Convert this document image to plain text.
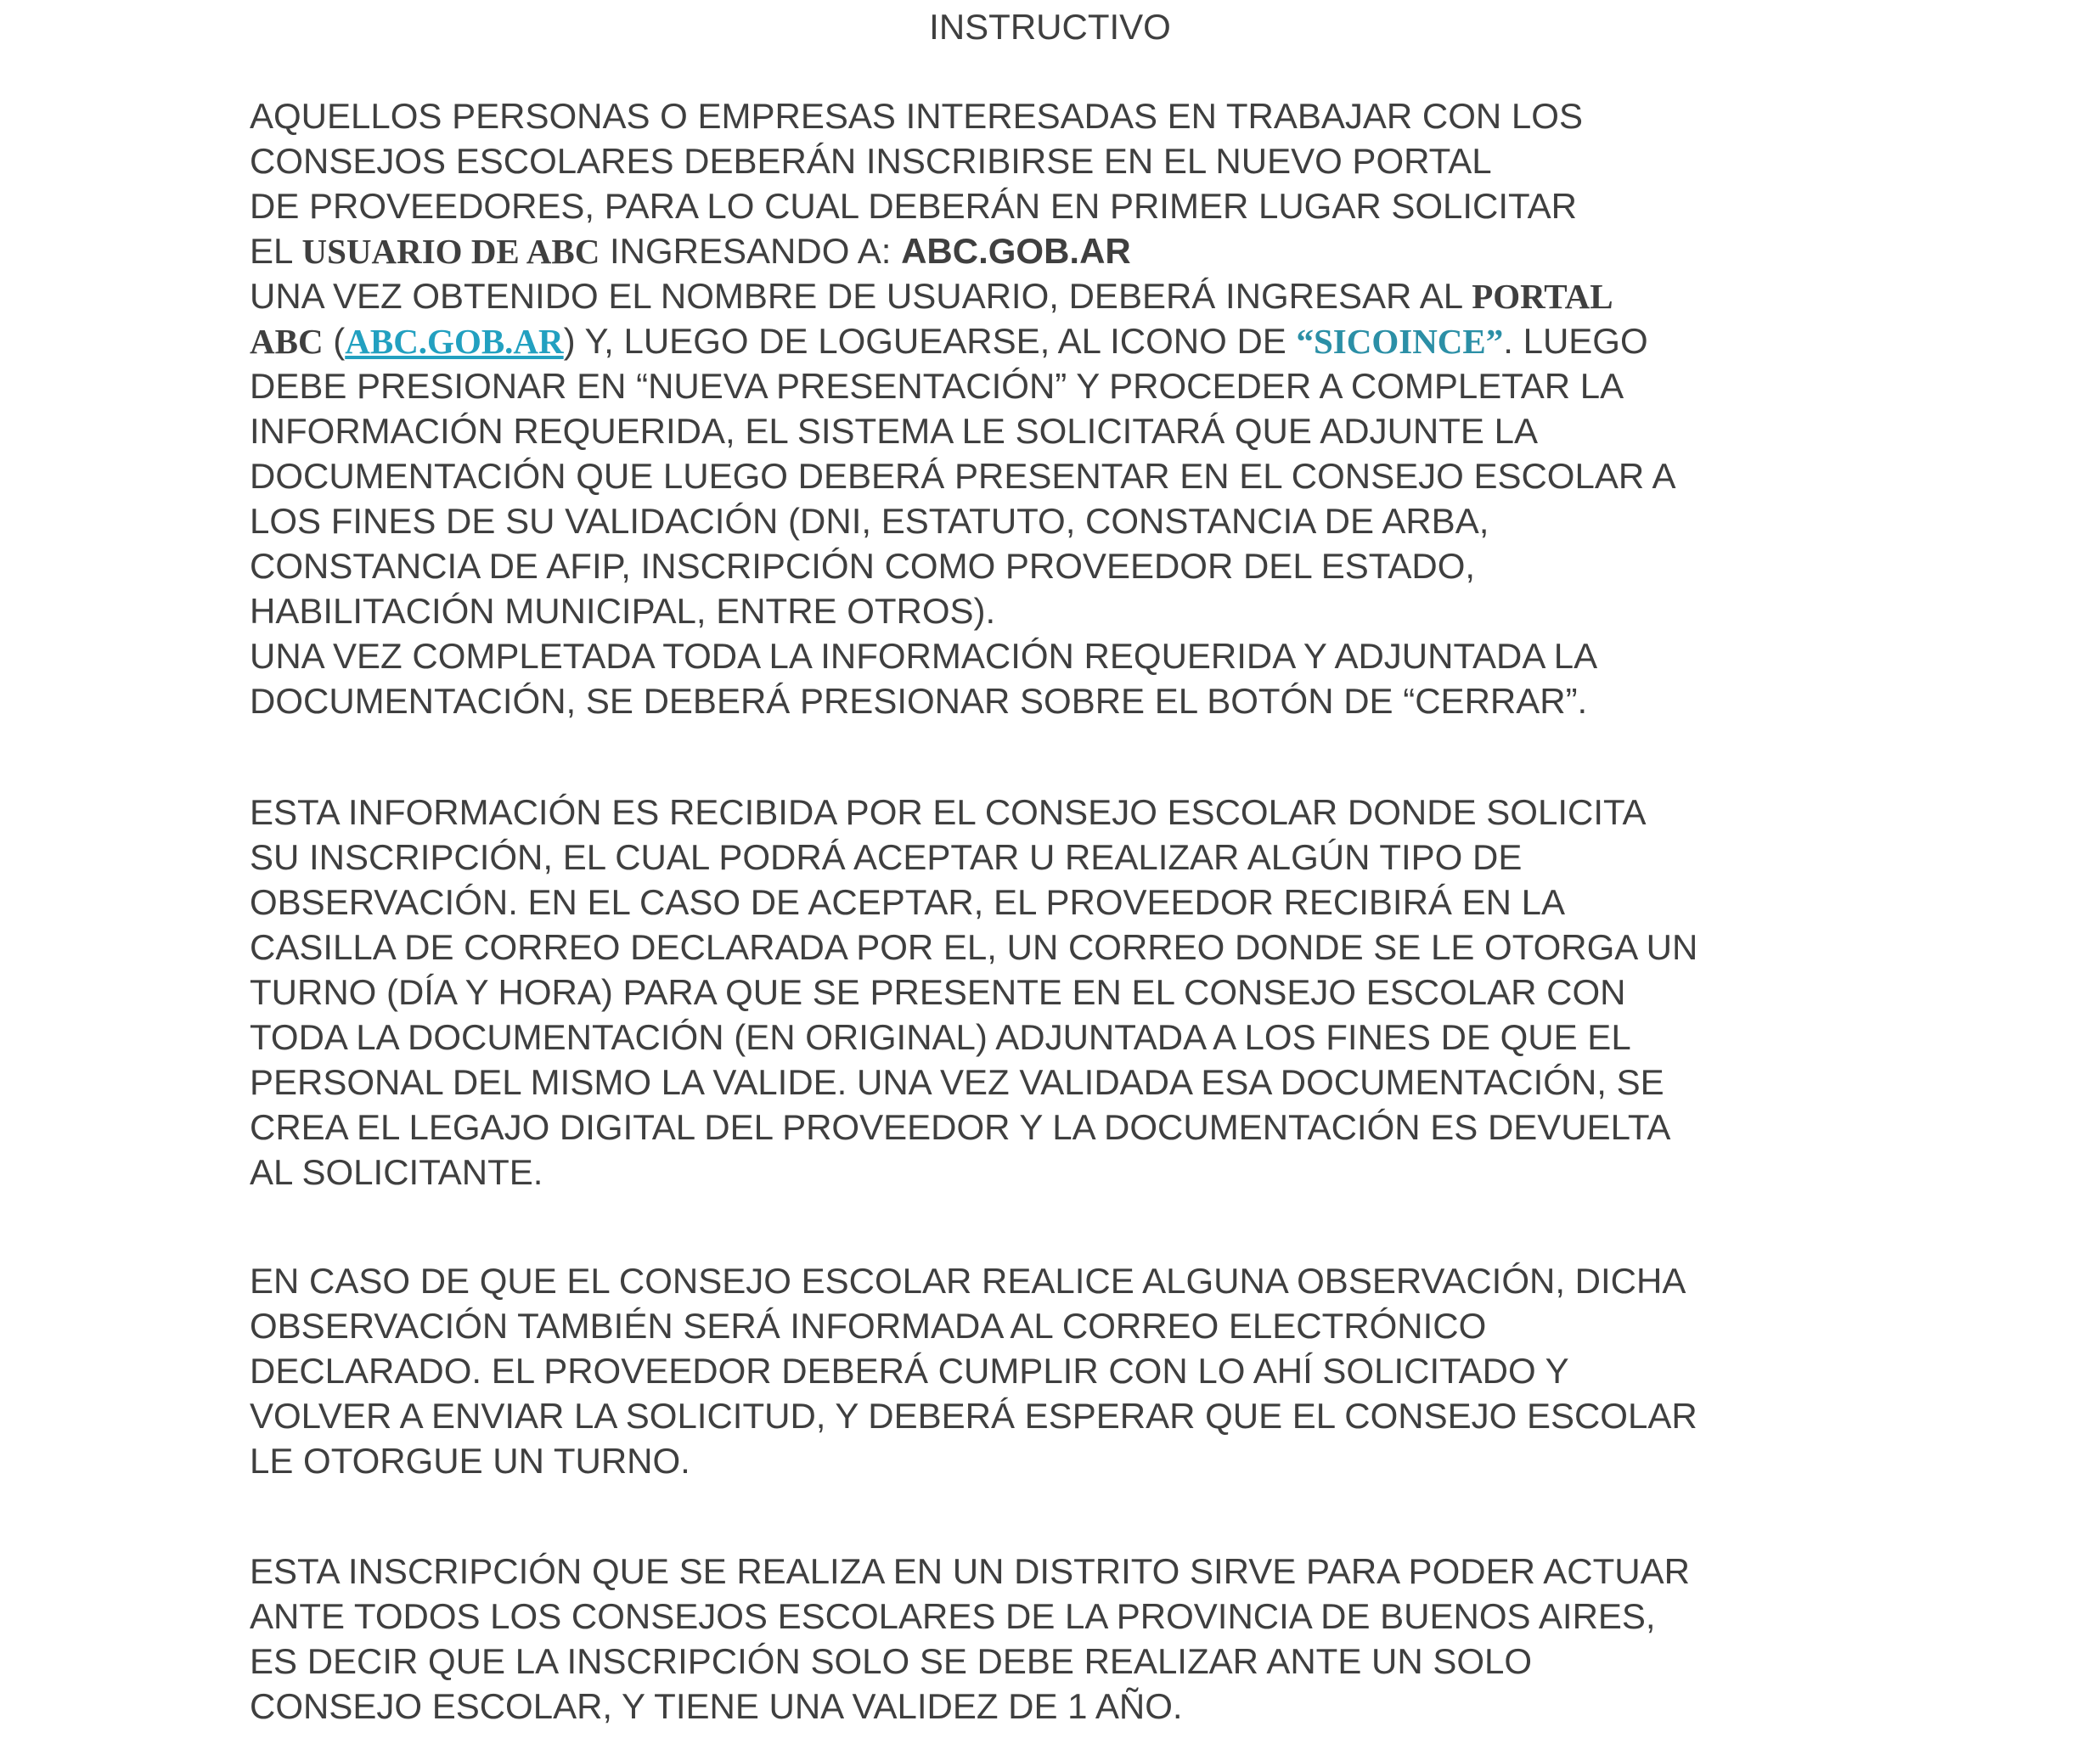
INSTRUCTIVO
AQUELLOS PERSONAS O EMPRESAS INTERESADAS EN TRABAJAR CON LOS
CONSEJOS ESCOLARES DEBERÁN INSCRIBIRSE EN EL NUEVO PORTAL
DE PROVEEDORES, PARA LO CUAL DEBERÁN EN PRIMER LUGAR SOLICITAR
EL USUARIO DE ABC INGRESANDO A: ABC.GOB.AR
UNA VEZ OBTENIDO EL NOMBRE DE USUARIO, DEBERÁ INGRESAR AL PORTAL
ABC (ABC.GOB.AR) Y, LUEGO DE LOGUEARSE, AL ICONO DE “SICOINCE”. LUEGO
DEBE PRESIONAR EN “NUEVA PRESENTACIÓN” Y PROCEDER A COMPLETAR LA
INFORMACIÓN REQUERIDA, EL SISTEMA LE SOLICITARÁ QUE ADJUNTE LA
DOCUMENTACIÓN QUE LUEGO DEBERÁ PRESENTAR EN EL CONSEJO ESCOLAR A
LOS FINES DE SU VALIDACIÓN (DNI, ESTATUTO, CONSTANCIA DE ARBA,
CONSTANCIA DE AFIP, INSCRIPCIÓN COMO PROVEEDOR DEL ESTADO,
HABILITACIÓN MUNICIPAL, ENTRE OTROS).
UNA VEZ COMPLETADA TODA LA INFORMACIÓN REQUERIDA Y ADJUNTADA LA
DOCUMENTACIÓN, SE DEBERÁ PRESIONAR SOBRE EL BOTÓN DE “CERRAR”.
ESTA INFORMACIÓN ES RECIBIDA POR EL CONSEJO ESCOLAR DONDE SOLICITA
SU INSCRIPCIÓN, EL CUAL PODRÁ ACEPTAR U REALIZAR ALGÚN TIPO DE
OBSERVACIÓN. EN EL CASO DE ACEPTAR, EL PROVEEDOR RECIBIRÁ EN LA
CASILLA DE CORREO DECLARADA POR EL, UN CORREO DONDE SE LE OTORGA UN
TURNO (DÍA Y HORA) PARA QUE SE PRESENTE EN EL CONSEJO ESCOLAR CON
TODA LA DOCUMENTACIÓN (EN ORIGINAL) ADJUNTADA A LOS FINES DE QUE EL
PERSONAL DEL MISMO LA VALIDE. UNA VEZ VALIDADA ESA DOCUMENTACIÓN, SE
CREA EL LEGAJO DIGITAL DEL PROVEEDOR Y LA DOCUMENTACIÓN ES DEVUELTA
AL SOLICITANTE.
EN CASO DE QUE EL CONSEJO ESCOLAR REALICE ALGUNA OBSERVACIÓN, DICHA
OBSERVACIÓN TAMBIÉN SERÁ INFORMADA AL CORREO ELECTRÓNICO
DECLARADO. EL PROVEEDOR DEBERÁ CUMPLIR CON LO AHÍ SOLICITADO Y
VOLVER A ENVIAR LA SOLICITUD, Y DEBERÁ ESPERAR QUE EL CONSEJO ESCOLAR
LE OTORGUE UN TURNO.
ESTA INSCRIPCIÓN QUE SE REALIZA EN UN DISTRITO SIRVE PARA PODER ACTUAR
ANTE TODOS LOS CONSEJOS ESCOLARES DE LA PROVINCIA DE BUENOS AIRES,
ES DECIR QUE LA INSCRIPCIÓN SOLO SE DEBE REALIZAR ANTE UN SOLO
CONSEJO ESCOLAR, Y TIENE UNA VALIDEZ DE 1 AÑO.
